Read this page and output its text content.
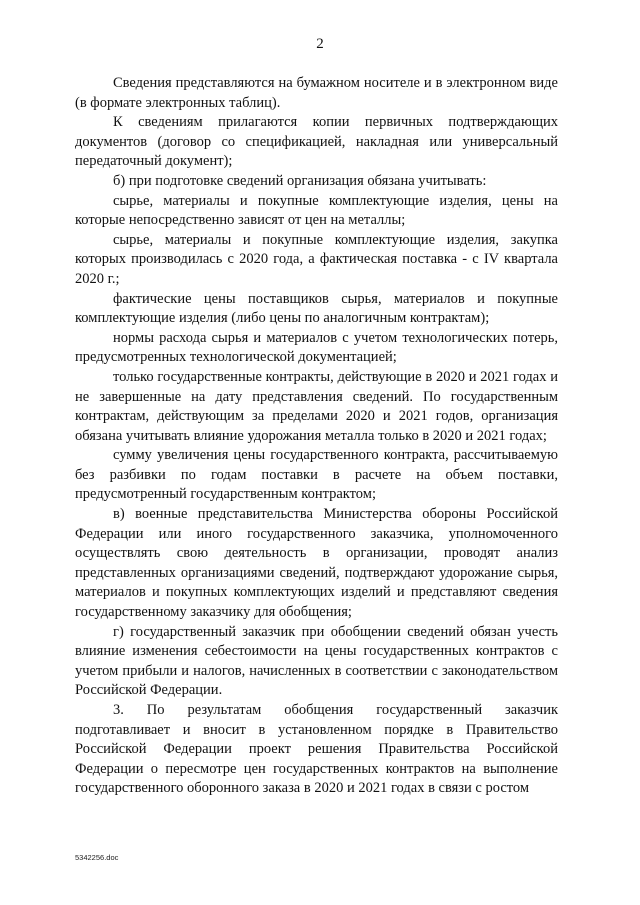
2

Сведения представляются на бумажном носителе и в электронном виде (в формате электронных таблиц).

К сведениям прилагаются копии первичных подтверждающих документов (договор со спецификацией, накладная или универсальный передаточный документ);

б) при подготовке сведений организация обязана учитывать:

сырье, материалы и покупные комплектующие изделия, цены на которые непосредственно зависят от цен на металлы;

сырье, материалы и покупные комплектующие изделия, закупка которых производилась с 2020 года, а фактическая поставка - с IV квартала 2020 г.;

фактические цены поставщиков сырья, материалов и покупные комплектующие изделия (либо цены по аналогичным контрактам);

нормы расхода сырья и материалов с учетом технологических потерь, предусмотренных технологической документацией;

только государственные контракты, действующие в 2020 и 2021 годах и не завершенные на дату представления сведений. По государственным контрактам, действующим за пределами 2020 и 2021 годов, организация обязана учитывать влияние удорожания металла только в 2020 и 2021 годах;

сумму увеличения цены государственного контракта, рассчитываемую без разбивки по годам поставки в расчете на объем поставки, предусмотренный государственным контрактом;

в) военные представительства Министерства обороны Российской Федерации или иного государственного заказчика, уполномоченного осуществлять свою деятельность в организации, проводят анализ представленных организациями сведений, подтверждают удорожание сырья, материалов и покупных комплектующих изделий и представляют сведения государственному заказчику для обобщения;

г) государственный заказчик при обобщении сведений обязан учесть влияние изменения себестоимости на цены государственных контрактов с учетом прибыли и налогов, начисленных в соответствии с законодательством Российской Федерации.

3. По результатам обобщения государственный заказчик подготавливает и вносит в установленном порядке в Правительство Российской Федерации проект решения Правительства Российской Федерации о пересмотре цен государственных контрактов на выполнение государственного оборонного заказа в 2020 и 2021 годах в связи с ростом

5342256.doc
